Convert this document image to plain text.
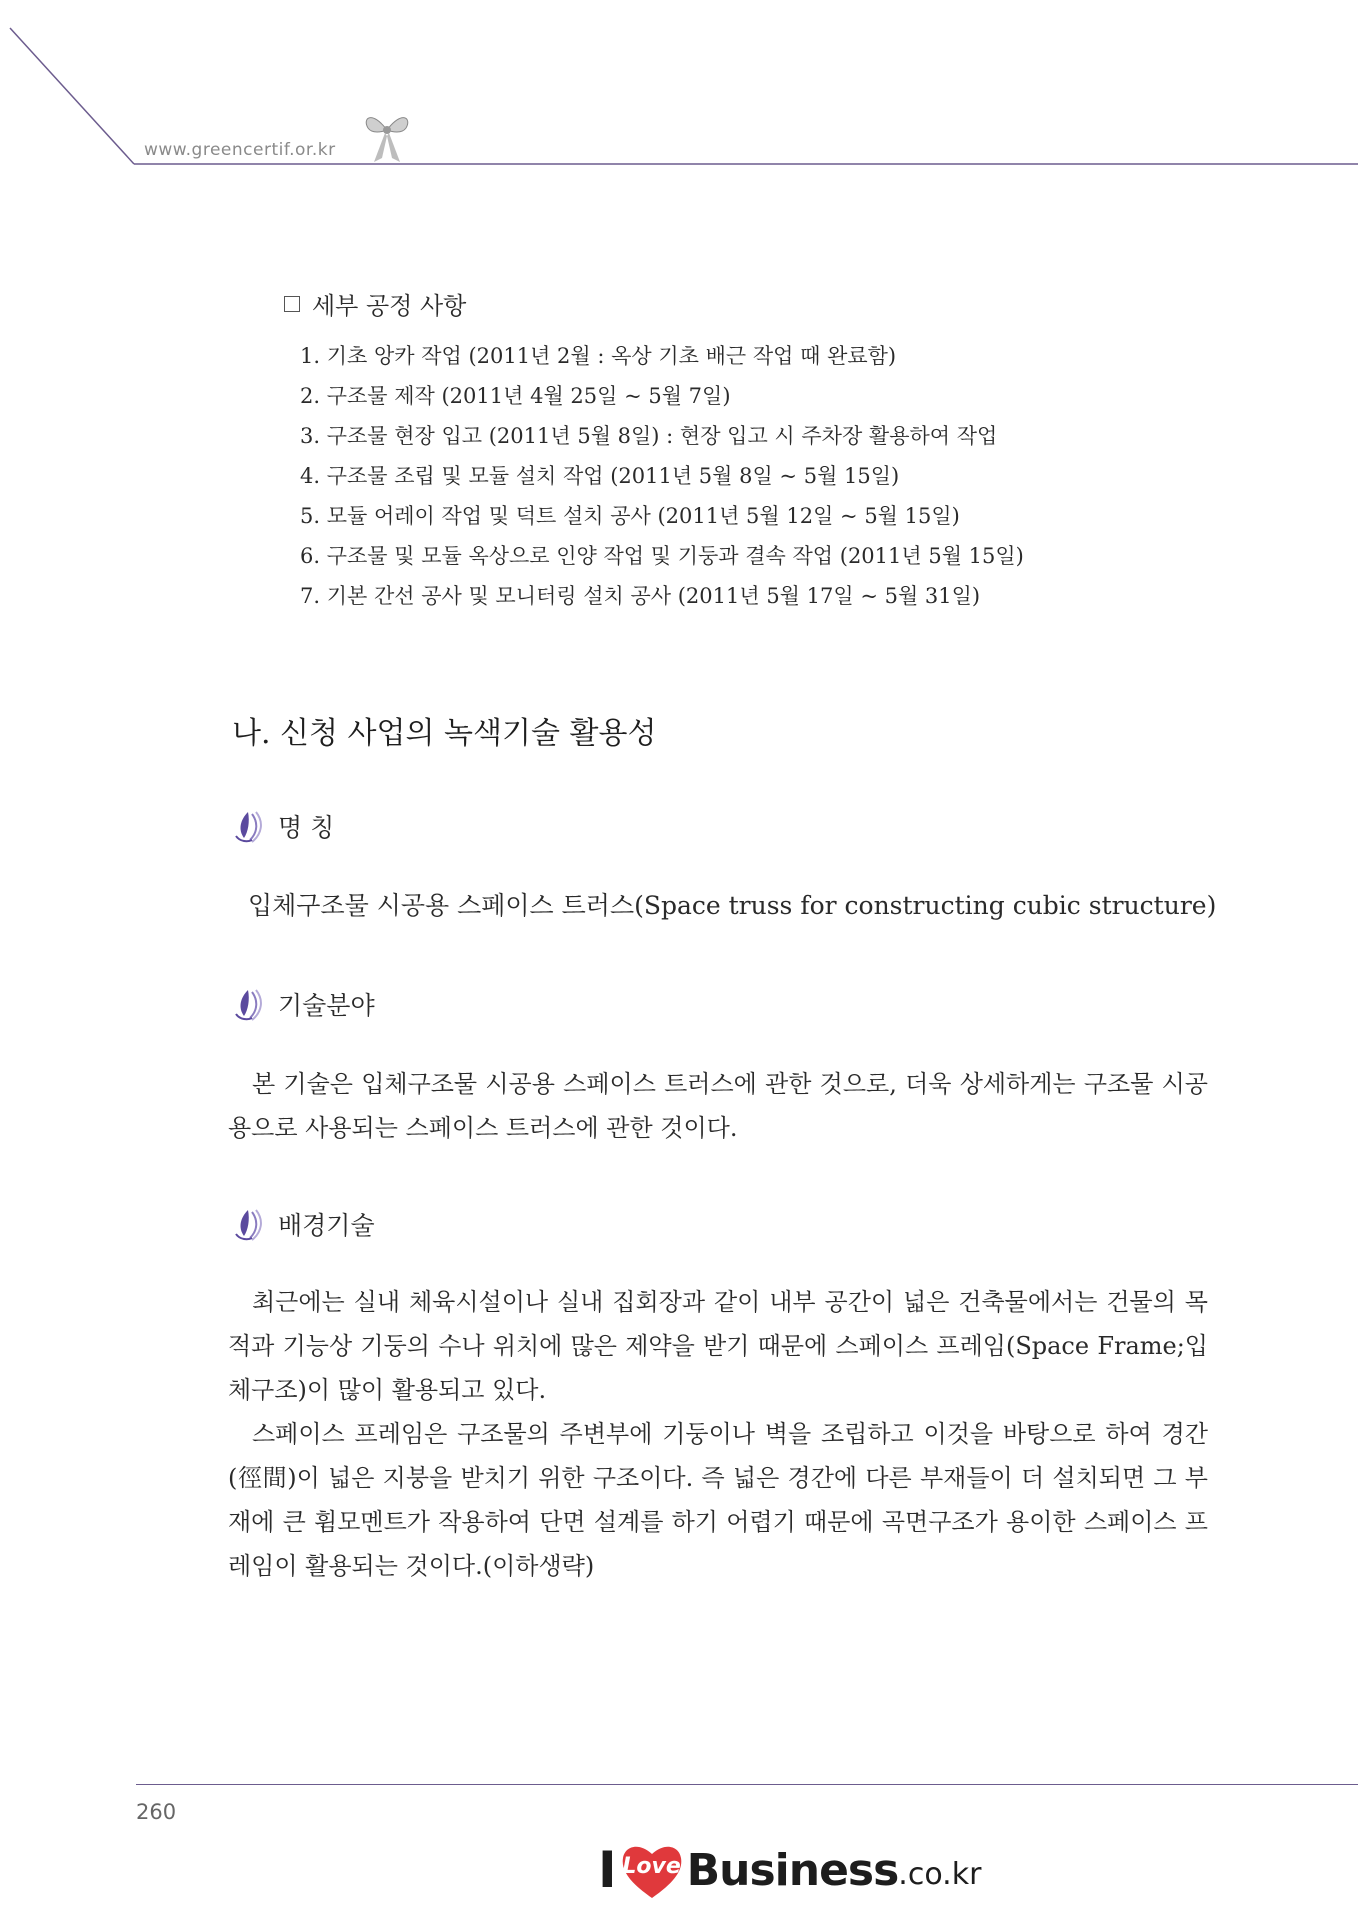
www.greencertif.or.kr
세부 공정 사항
1. 기초 앙카 작업 (2011년 2월 : 옥상 기초 배근 작업 때 완료함)
2. 구조물 제작 (2011년 4월 25일 ~ 5월 7일)
3. 구조물 현장 입고 (2011년 5월 8일) : 현장 입고 시 주차장 활용하여 작업
4. 구조물 조립 및 모듈 설치 작업 (2011년 5월 8일 ~ 5월 15일)
5. 모듈 어레이 작업 및 덕트 설치 공사 (2011년 5월 12일 ~ 5월 15일)
6. 구조물 및 모듈 옥상으로 인양 작업 및 기둥과 결속 작업 (2011년 5월 15일)
7. 기본 간선 공사 및 모니터링 설치 공사 (2011년 5월 17일 ~ 5월 31일)
나. 신청 사업의 녹색기술 활용성
명 칭
입체구조물 시공용 스페이스 트러스(Space truss for constructing cubic structure)
기술분야

본 기술은 입체구조물 시공용 스페이스 트러스에 관한 것으로, 더욱 상세하게는 구조물 시공용으로 사용되는 스페이스 트러스에 관한 것이다.

배경기술

최근에는 실내 체육시설이나 실내 집회장과 같이 내부 공간이 넓은 건축물에서는 건물의 목적과 기능상 기둥의 수나 위치에 많은 제약을 받기 때문에 스페이스 프레임(Space Frame;입체구조)이 많이 활용되고 있다.

스페이스 프레임은 구조물의 주변부에 기둥이나 벽을 조립하고 이것을 바탕으로 하여 경간(徑間)이 넓은 지붕을 받치기 위한 구조이다. 즉 넓은 경간에 다른 부재들이 더 설치되면 그 부재에 큰 휨모멘트가 작용하여 단면 설계를 하기 어렵기 때문에 곡면구조가 용이한 스페이스 프레임이 활용되는 것이다.(이하생략)

260
I Love Business .co.kr
